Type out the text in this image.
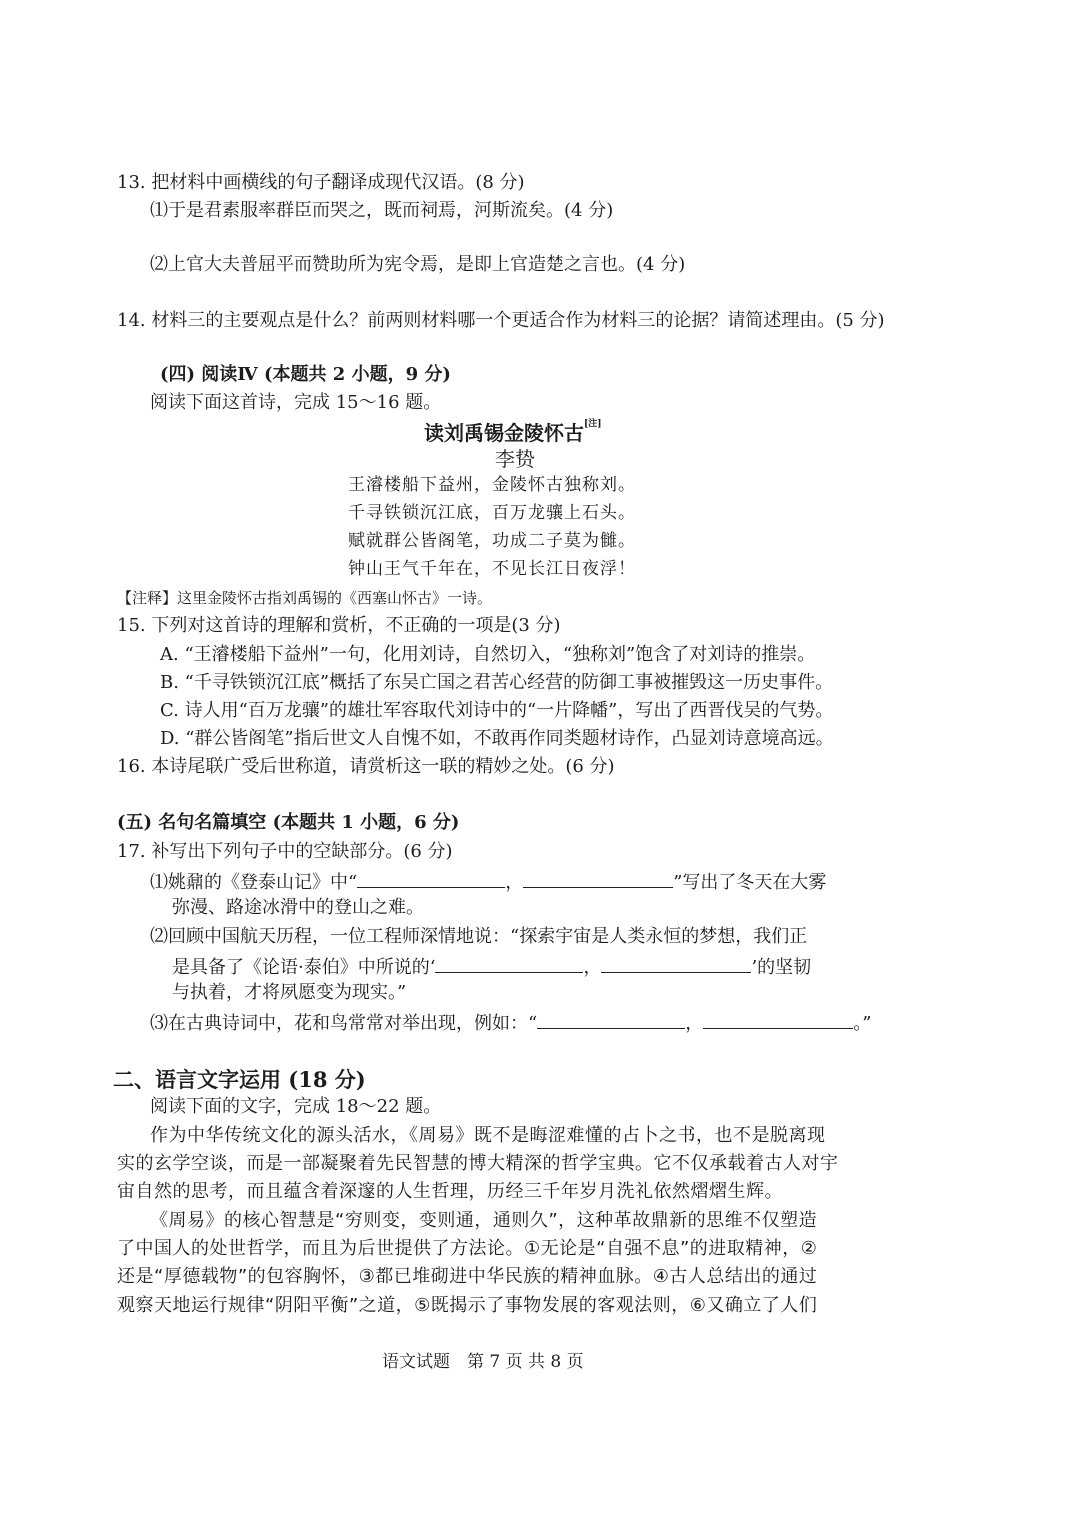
13. 把材料中画横线的句子翻译成现代汉语。(8 分)
⑴于是君素服率群臣而哭之，既而祠焉，河斯流矣。(4 分)
⑵上官大夫普屈平而赞助所为宪令焉，是即上官造楚之言也。(4 分)
14. 材料三的主要观点是什么？前两则材料哪一个更适合作为材料三的论据？请简述理由。(5 分)
(四) 阅读Ⅳ (本题共 2 小题，9 分)
阅读下面这首诗，完成 15～16 题。
读刘禹锡金陵怀古[注]
李贽
王濬楼船下益州，金陵怀古独称刘。
千寻铁锁沉江底，百万龙骧上石头。
赋就群公皆阁笔，功成二子莫为雠。
钟山王气千年在，不见长江日夜浮！
【注释】这里金陵怀古指刘禹锡的《西塞山怀古》一诗。
15. 下列对这首诗的理解和赏析，不正确的一项是(3 分)
A. “王濬楼船下益州”一句，化用刘诗，自然切入，“独称刘”饱含了对刘诗的推崇。
B. “千寻铁锁沉江底”概括了东吴亡国之君苦心经营的防御工事被摧毁这一历史事件。
C. 诗人用“百万龙骧”的雄壮军容取代刘诗中的“一片降幡”，写出了西晋伐吴的气势。
D. “群公皆阁笔”指后世文人自愧不如，不敢再作同类题材诗作，凸显刘诗意境高远。
16. 本诗尾联广受后世称道，请赏析这一联的精妙之处。(6 分)
(五) 名句名篇填空 (本题共 1 小题，6 分)
17. 补写出下列句子中的空缺部分。(6 分)
⑴姚鼐的《登泰山记》中“	，	”写出了冬天在大雾
弥漫、路途冰滑中的登山之难。
⑵回顾中国航天历程，一位工程师深情地说：“探索宇宙是人类永恒的梦想，我们正
是具备了《论语·泰伯》中所说的‘	，	’的坚韧
与执着，才将夙愿变为现实。”
⑶在古典诗词中，花和鸟常常对举出现，例如：“	，	。”
二、语言文字运用 (18 分)
阅读下面的文字，完成 18～22 题。
作为中华传统文化的源头活水，《周易》既不是晦涩难懂的占卜之书，也不是脱离现
实的玄学空谈，而是一部凝聚着先民智慧的博大精深的哲学宝典。它不仅承载着古人对宇
宙自然的思考，而且蕴含着深邃的人生哲理，历经三千年岁月洗礼依然熠熠生辉。
《周易》的核心智慧是“穷则变，变则通，通则久”，这种革故鼎新的思维不仅塑造
了中国人的处世哲学，而且为后世提供了方法论。①无论是“自强不息”的进取精神，②
还是“厚德载物”的包容胸怀，③都已堆砌进中华民族的精神血脉。④古人总结出的通过
观察天地运行规律“阴阳平衡”之道，⑤既揭示了事物发展的客观法则，⑥又确立了人们
语文试题　第 7 页 共 8 页
